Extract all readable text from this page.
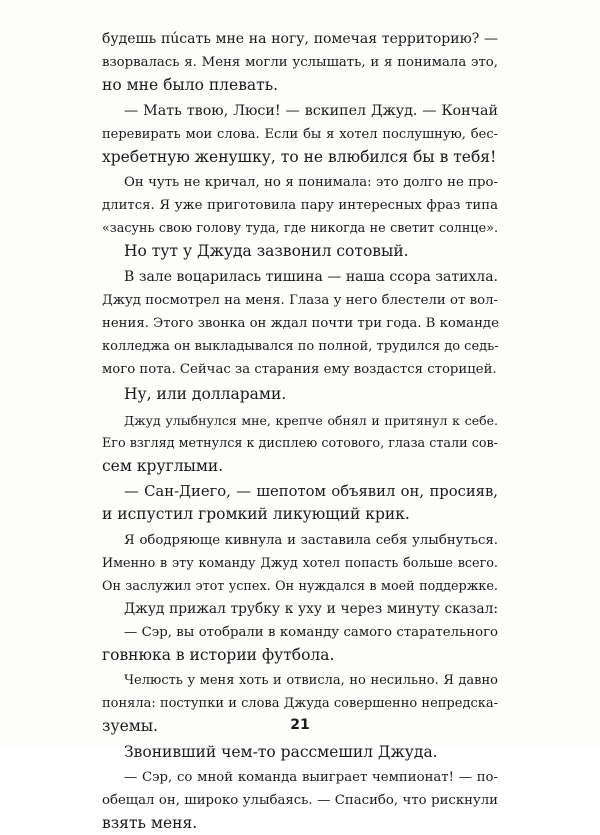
будешь пúсать мне на ногу, помечая территорию? —
взорвалась я. Меня могли услышать, и я понимала это,
но мне было плевать.
— Мать твою, Люси! — вскипел Джуд. — Кончай
перевирать мои слова. Если бы я хотел послушную, бес-
хребетную женушку, то не влюбился бы в тебя!
Он чуть не кричал, но я понимала: это долго не про-
длится. Я уже приготовила пару интересных фраз типа
«засунь свою голову туда, где никогда не светит солнце».
Но тут у Джуда зазвонил сотовый.
В зале воцарилась тишина — наша ссора затихла.
Джуд посмотрел на меня. Глаза у него блестели от вол-
нения. Этого звонка он ждал почти три года. В команде
колледжа он выкладывался по полной, трудился до седь-
мого пота. Сейчас за старания ему воздастся сторицей.
Ну, или долларами.
Джуд улыбнулся мне, крепче обнял и притянул к себе.
Его взгляд метнулся к дисплею сотового, глаза стали сов-
сем круглыми.
— Сан-Диего, — шепотом объявил он, просияв,
и испустил громкий ликующий крик.
Я ободряюще кивнула и заставила себя улыбнуться.
Именно в эту команду Джуд хотел попасть больше всего.
Он заслужил этот успех. Он нуждался в моей поддержке.
Джуд прижал трубку к уху и через минуту сказал:
— Сэр, вы отобрали в команду самого старательного
говнюка в истории футбола.
Челюсть у меня хоть и отвисла, но несильно. Я давно
поняла: поступки и слова Джуда совершенно непредска-
зуемы.
Звонивший чем-то рассмешил Джуда.
— Сэр, со мной команда выиграет чемпионат! — по-
обещал он, широко улыбаясь. — Спасибо, что рискнули
взять меня.
21
